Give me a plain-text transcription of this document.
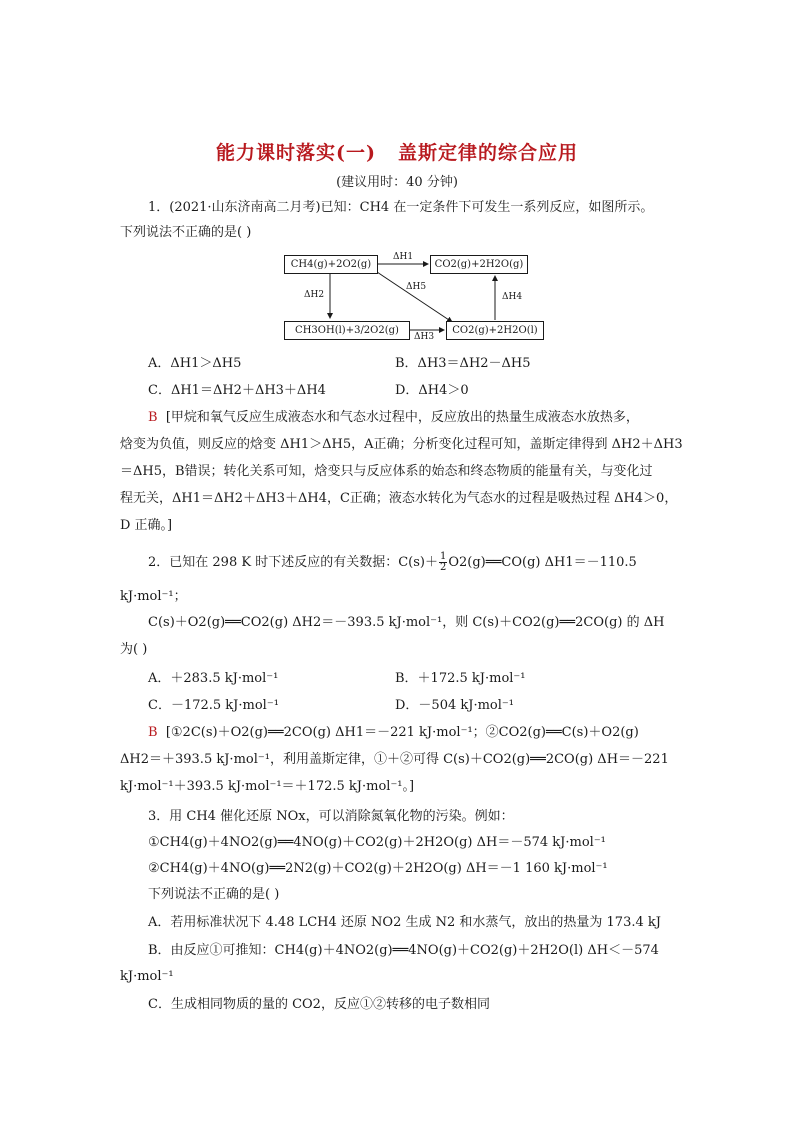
能力课时落实(一) 盖斯定律的综合应用
(建议用时：40 分钟)
1．(2021·山东济南高二月考)已知：CH4 在一定条件下可发生一系列反应，如图所示。
下列说法不正确的是( )
CH4(g)+2O2(g)	CO2(g)+2H2O(g)
CH3OH(l)+3/2O2(g)	CO2(g)+2H2O(l)
ΔH1
ΔH2
ΔH3
ΔH4
ΔH5
A．ΔH1＞ΔH5	B．ΔH3＝ΔH2－ΔH5
C．ΔH1＝ΔH2＋ΔH3＋ΔH4	D．ΔH4＞0
B [甲烷和氧气反应生成液态水和气态水过程中，反应放出的热量生成液态水放热多，
焓变为负值，则反应的焓变 ΔH1＞ΔH5，A正确；分析变化过程可知，盖斯定律得到 ΔH2＋ΔH3
＝ΔH5，B错误；转化关系可知，焓变只与反应体系的始态和终态物质的能量有关，与变化过
程无关，ΔH1＝ΔH2＋ΔH3＋ΔH4，C正确；液态水转化为气态水的过程是吸热过程 ΔH4＞0，
D 正确。]
2．已知在 298 K 时下述反应的有关数据：$C(s)+ \frac{1}{2}$ O2(g)══CO(g) ΔH1＝－110.5
kJ·mol⁻¹；
C(s)＋O2(g)══CO2(g) ΔH2＝－393.5 kJ·mol⁻¹，则 C(s)＋CO2(g)══2CO(g) 的 ΔH
为( )
A．＋283.5 kJ·mol⁻¹	B．＋172.5 kJ·mol⁻¹
C．－172.5 kJ·mol⁻¹	D．－504 kJ·mol⁻¹
B [①2C(s)＋O2(g)══2CO(g) ΔH1＝－221 kJ·mol⁻¹；②CO2(g)══C(s)＋O2(g)
ΔH2＝＋393.5 kJ·mol⁻¹，利用盖斯定律，①＋②可得 C(s)＋CO2(g)══2CO(g) ΔH＝－221
kJ·mol⁻¹＋393.5 kJ·mol⁻¹＝＋172.5 kJ·mol⁻¹。]
3．用 CH4 催化还原 NOx，可以消除氮氧化物的污染。例如：
①CH4(g)＋4NO2(g)══4NO(g)＋CO2(g)＋2H2O(g) ΔH＝－574 kJ·mol⁻¹
②CH4(g)＋4NO(g)══2N2(g)＋CO2(g)＋2H2O(g) ΔH＝－1 160 kJ·mol⁻¹
下列说法不正确的是( )
A．若用标准状况下 4.48 LCH4 还原 NO2 生成 N2 和水蒸气，放出的热量为 173.4 kJ
B．由反应①可推知：CH4(g)＋4NO2(g)══4NO(g)＋CO2(g)＋2H2O(l) ΔH＜－574
kJ·mol⁻¹
C．生成相同物质的量的 CO2，反应①②转移的电子数相同
